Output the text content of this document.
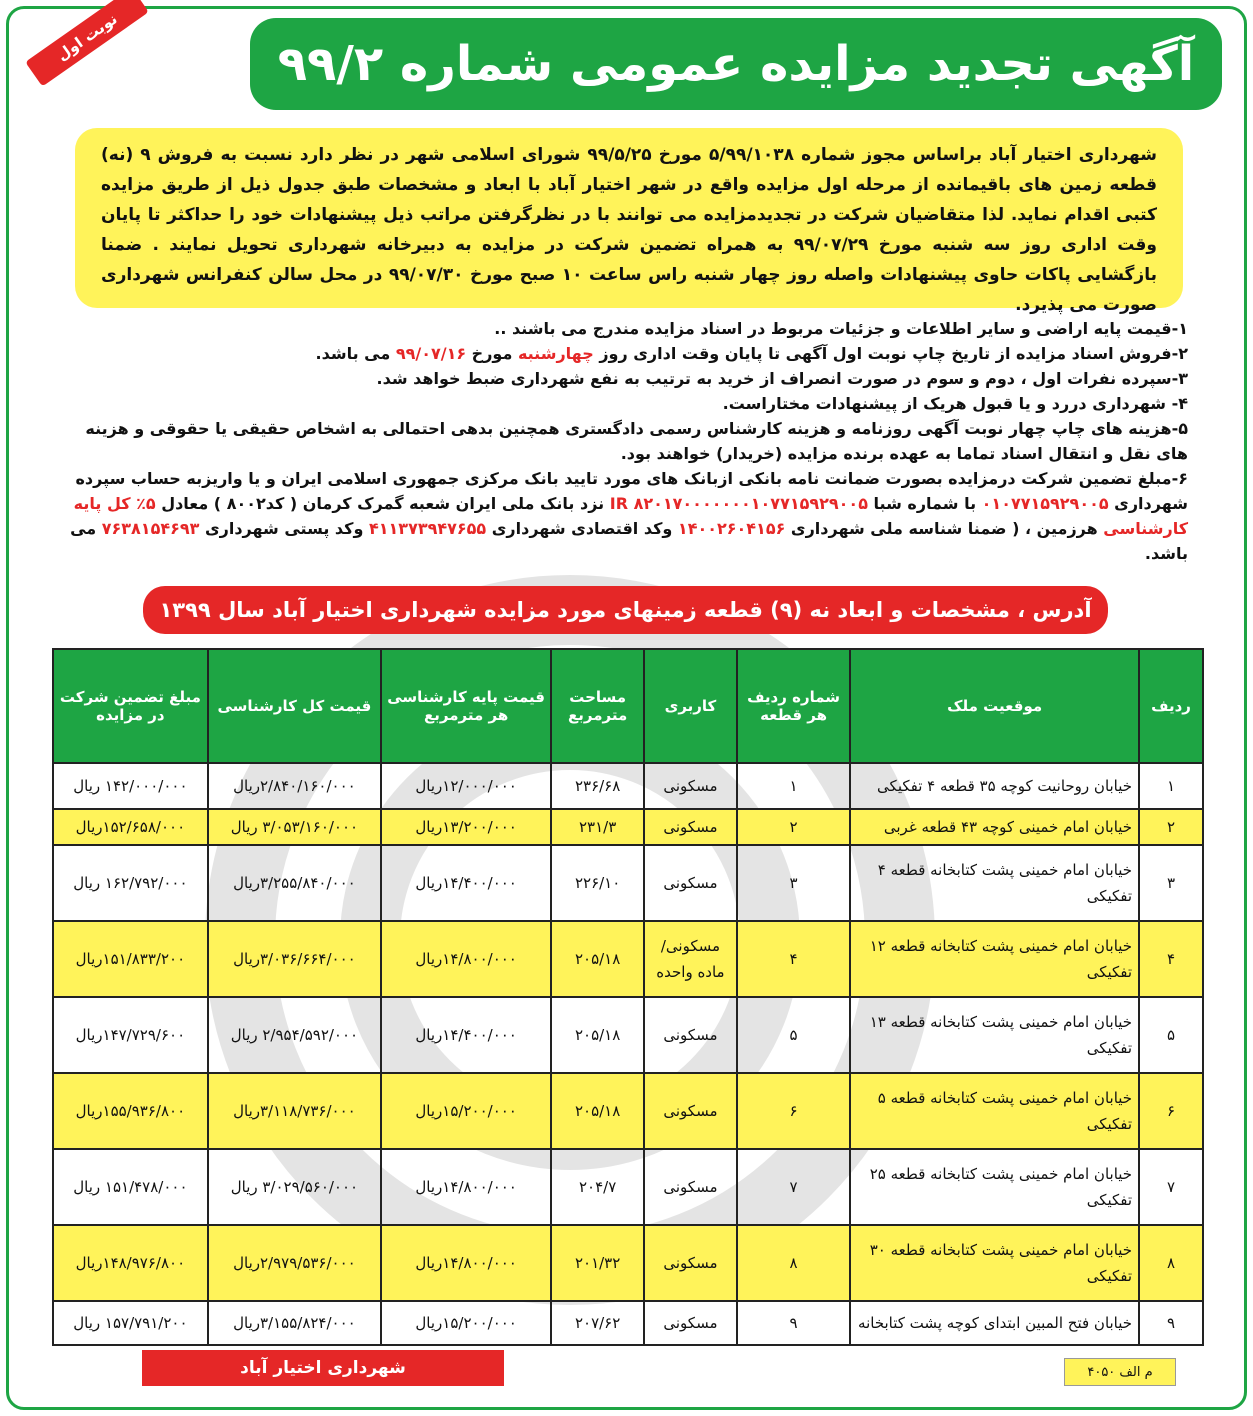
نوبت اول	آگهی تجدید مزایده عمومی شماره ۹۹/۲
شهرداری اختیار آباد براساس مجوز شماره ۵/۹۹/۱۰۳۸ مورخ ۹۹/۵/۲۵ شورای اسلامی شهر در نظر دارد نسبت به فروش ۹ (نه) قطعه زمین های باقیمانده از مرحله اول مزایده واقع در شهر اختیار آباد با ابعاد و مشخصات طبق جدول ذیل از طریق مزایده کتبی اقدام نماید. لذا متقاضیان شرکت در تجدیدمزایده می توانند با در نظرگرفتن مراتب ذیل پیشنهادات خود را حداکثر تا پایان وقت اداری روز سه شنبه مورخ ۹۹/۰۷/۲۹ به همراه تضمین شرکت در مزایده به دبیرخانه شهرداری تحویل نمایند . ضمنا بازگشایی پاکات حاوی پیشنهادات واصله روز چهار شنبه راس ساعت ۱۰ صبح مورخ ۹۹/۰۷/۳۰ در محل سالن کنفرانس شهرداری صورت می پذیرد.

۱-قیمت پایه اراضی و سایر اطلاعات و جزئیات مربوط در اسناد مزایده مندرج می باشند ..

۲-فروش اسناد مزایده از تاریخ چاپ نوبت اول آگهی تا پایان وقت اداری روز چهارشنبه مورخ ۹۹/۰۷/۱۶ می باشد.

۳-سپرده نفرات اول ، دوم و سوم در صورت انصراف از خرید به ترتیب به نفع شهرداری ضبط خواهد شد.

۴- شهرداری دررد و یا قبول هریک از پیشنهادات مختاراست.

۵-هزینه های چاپ چهار نوبت آگهی روزنامه و هزینه کارشناس رسمی دادگستری همچنین بدهی احتمالی به اشخاص حقیقی یا حقوقی و هزینه های نقل و انتقال اسناد تماما به عهده برنده مزایده (خریدار) خواهند بود.

۶-مبلغ تضمین شرکت درمزایده بصورت ضمانت نامه بانکی ازبانک های مورد تایید بانک مرکزی جمهوری اسلامی ایران و یا واریزبه حساب سپرده شهرداری ۰۱۰۷۷۱۵۹۲۹۰۰۵ با شماره شبا IR ۸۲۰۱۷۰۰۰۰۰۰۰۱۰۷۷۱۵۹۲۹۰۰۵ نزد بانک ملی ایران شعبه گمرک کرمان ( کد۸۰۰۲ ) معادل ۵٪ کل پایه کارشناسی هرزمین ، ( ضمنا شناسه ملی شهرداری ۱۴۰۰۲۶۰۴۱۵۶ وکد اقتصادی شهرداری ۴۱۱۳۷۳۹۴۷۶۵۵ وکد پستی شهرداری ۷۶۳۸۱۵۴۶۹۳ می باشد.

آدرس ، مشخصات و ابعاد نه (۹) قطعه زمینهای مورد مزایده شهرداری اختیار آباد سال ۱۳۹۹
ردیف	موقعیت ملک	شماره ردیف هر قطعه	کاربری	مساحت مترمربع	قیمت پایه کارشناسی هر مترمربع	قیمت کل کارشناسی	مبلغ تضمین شرکت در مزایده
۱	خیابان روحانیت کوچه ۳۵ قطعه ۴ تفکیکی	۱	مسکونی	۲۳۶/۶۸	۱۲/۰۰۰/۰۰۰ریال	۲/۸۴۰/۱۶۰/۰۰۰ریال	۱۴۲/۰۰۰/۰۰۰ ریال
۲	خیابان امام خمینی کوچه ۴۳ قطعه غربی	۲	مسکونی	۲۳۱/۳	۱۳/۲۰۰/۰۰۰ریال	۳/۰۵۳/۱۶۰/۰۰۰ ریال	۱۵۲/۶۵۸/۰۰۰ریال
۳	خیابان امام خمینی پشت کتابخانه قطعه ۴ تفکیکی	۳	مسکونی	۲۲۶/۱۰	۱۴/۴۰۰/۰۰۰ریال	۳/۲۵۵/۸۴۰/۰۰۰ریال	۱۶۲/۷۹۲/۰۰۰ ریال
۴	خیابان امام خمینی پشت کتابخانه قطعه ۱۲ تفکیکی	۴	مسکونی/ ماده واحده	۲۰۵/۱۸	۱۴/۸۰۰/۰۰۰ریال	۳/۰۳۶/۶۶۴/۰۰۰ریال	۱۵۱/۸۳۳/۲۰۰ریال
۵	خیابان امام خمینی پشت کتابخانه قطعه ۱۳ تفکیکی	۵	مسکونی	۲۰۵/۱۸	۱۴/۴۰۰/۰۰۰ریال	۲/۹۵۴/۵۹۲/۰۰۰ ریال	۱۴۷/۷۲۹/۶۰۰ریال
۶	خیابان امام خمینی پشت کتابخانه قطعه ۵ تفکیکی	۶	مسکونی	۲۰۵/۱۸	۱۵/۲۰۰/۰۰۰ریال	۳/۱۱۸/۷۳۶/۰۰۰ریال	۱۵۵/۹۳۶/۸۰۰ریال
۷	خیابان امام خمینی پشت کتابخانه قطعه ۲۵ تفکیکی	۷	مسکونی	۲۰۴/۷	۱۴/۸۰۰/۰۰۰ریال	۳/۰۲۹/۵۶۰/۰۰۰ ریال	۱۵۱/۴۷۸/۰۰۰ ریال
۸	خیابان امام خمینی پشت کتابخانه قطعه ۳۰ تفکیکی	۸	مسکونی	۲۰۱/۳۲	۱۴/۸۰۰/۰۰۰ریال	۲/۹۷۹/۵۳۶/۰۰۰ریال	۱۴۸/۹۷۶/۸۰۰ریال
۹	خیابان فتح المبین ابتدای کوچه پشت کتابخانه	۹	مسکونی	۲۰۷/۶۲	۱۵/۲۰۰/۰۰۰ریال	۳/۱۵۵/۸۲۴/۰۰۰ریال	۱۵۷/۷۹۱/۲۰۰ ریال
شهرداری اختیار آباد	م الف ۴۰۵۰
